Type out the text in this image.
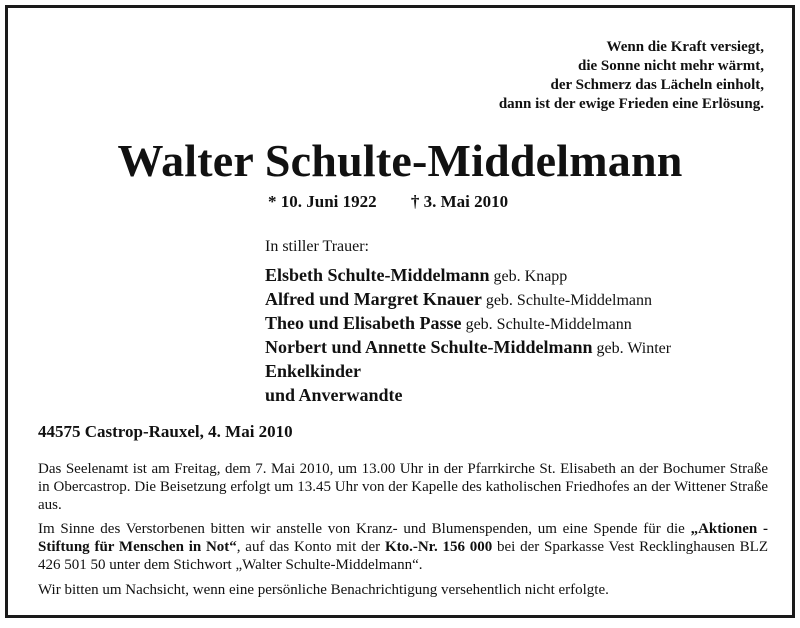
Wenn die Kraft versiegt,
die Sonne nicht mehr wärmt,
der Schmerz das Lächeln einholt,
dann ist der ewige Frieden eine Erlösung.
Walter Schulte-Middelmann
* 10. Juni 1922 † 3. Mai 2010
In stiller Trauer:
Elsbeth Schulte-Middelmann geb. Knapp
Alfred und Margret Knauer geb. Schulte-Middelmann
Theo und Elisabeth Passe geb. Schulte-Middelmann
Norbert und Annette Schulte-Middelmann geb. Winter
Enkelkinder
und Anverwandte
44575 Castrop-Rauxel, 4. Mai 2010
Das Seelenamt ist am Freitag, dem 7. Mai 2010, um 13.00 Uhr in der Pfarrkirche St. Elisabeth an der Bochumer Straße in Obercastrop. Die Beisetzung erfolgt um 13.45 Uhr von der Kapelle des katholischen Friedhofes an der Wittener Straße aus.
Im Sinne des Verstorbenen bitten wir anstelle von Kranz- und Blumenspenden, um eine Spende für die „Aktionen - Stiftung für Menschen in Not“, auf das Konto mit der Kto.-Nr. 156 000 bei der Sparkasse Vest Recklinghausen BLZ 426 501 50 unter dem Stichwort „Walter Schulte-Middelmann“.
Wir bitten um Nachsicht, wenn eine persönliche Benachrichtigung versehentlich nicht erfolgte.
